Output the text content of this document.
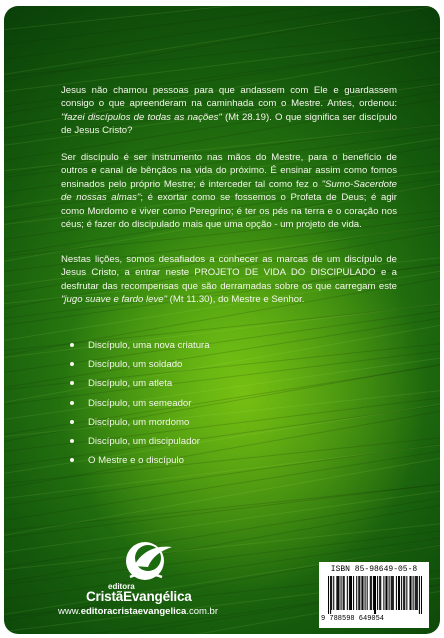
Jesus não chamou pessoas para que andassem com Ele e guardassem consigo o que apreenderam na caminhada com o Mestre. Antes, ordenou: "fazei discípulos de todas as nações" (Mt 28.19). O que significa ser discípulo de Jesus Cristo?

Ser discípulo é ser instrumento nas mãos do Mestre, para o benefício de outros e canal de bênçãos na vida do próximo. É ensinar assim como fomos ensinados pelo próprio Mestre; é interceder tal como fez o "Sumo-Sacerdote de nossas almas"; é exortar como se fossemos o Profeta de Deus; é agir como Mordomo e viver como Peregrino; é ter os pés na terra e o coração nos céus; é fazer do discipulado mais que uma opção - um projeto de vida.

Nestas lições, somos desafiados a conhecer as marcas de um discípulo de Jesus Cristo, a entrar neste PROJETO DE VIDA DO DISCIPULADO e a desfrutar das recompensas que são derramadas sobre os que carregam este "jugo suave e fardo leve" (Mt 11.30), do Mestre e Senhor.

Discípulo, uma nova criatura
Discípulo, um soldado
Discípulo, um atleta
Discípulo, um semeador
Discípulo, um mordomo
Discípulo, um discipulador
O Mestre e o discípulo
editora
CristãEvangélica
www.editoracristaevangelica.com.br
ISBN 85-98649-05-8
9 788598 649054
